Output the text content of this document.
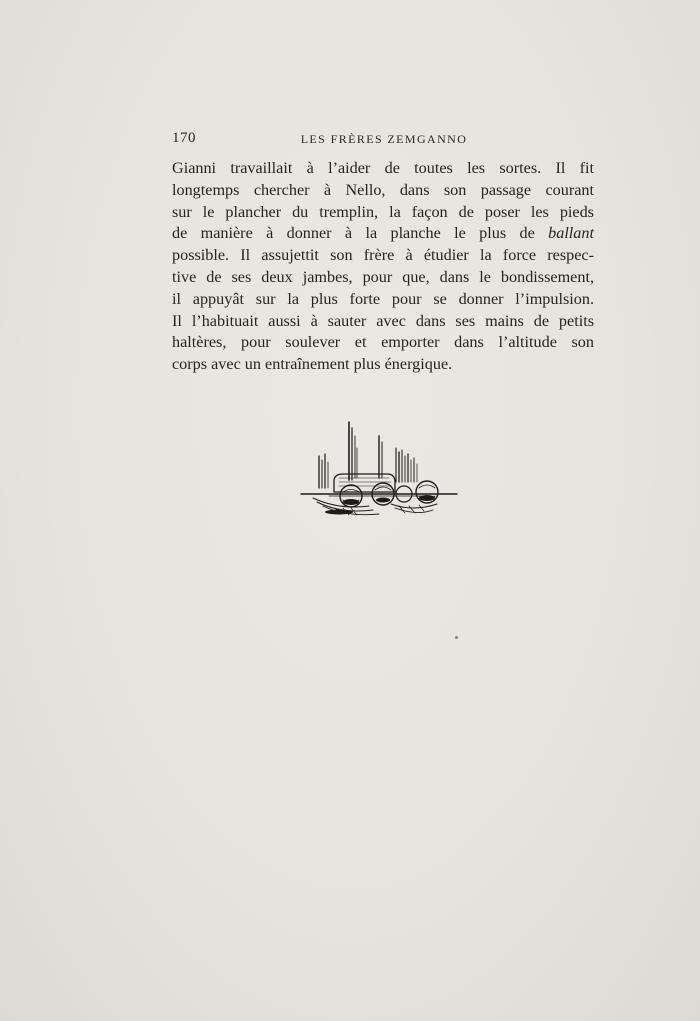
170	LES FRÈRES ZEMGANNO
Gianni travaillait à l’aider de toutes les sortes. Il fit
longtemps chercher à Nello, dans son passage courant
sur le plancher du tremplin, la façon de poser les pieds
de manière à donner à la planche le plus de ballant
possible. Il assujettit son frère à étudier la force respec-
tive de ses deux jambes, pour que, dans le bondissement,
il appuyât sur la plus forte pour se donner l’impulsion.
Il l’habituait aussi à sauter avec dans ses mains de petits
haltères, pour soulever et emporter dans l’altitude son
corps avec un entraînement plus énergique.
